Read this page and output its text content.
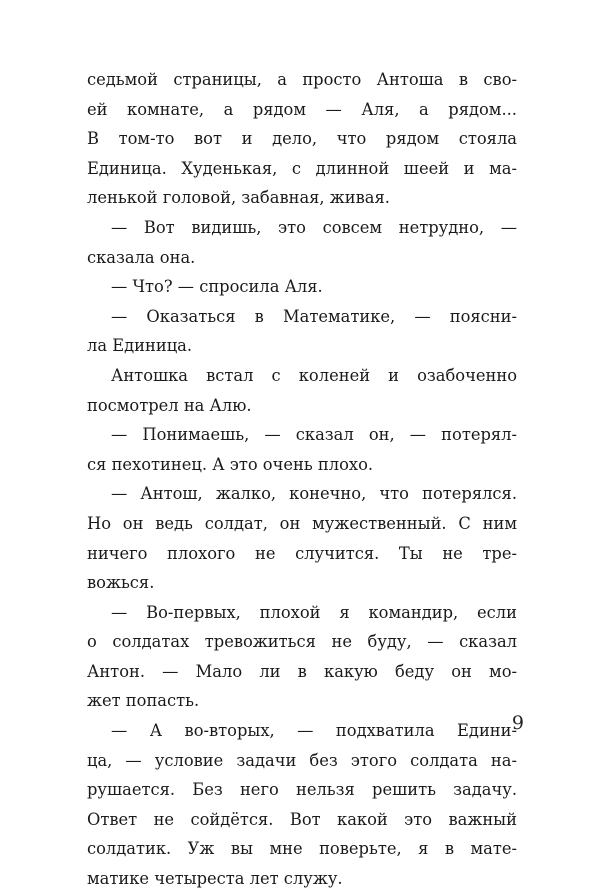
седьмой страницы, а просто Антоша в сво-
ей комнате, а рядом — Аля, а рядом...
В том-то вот и дело, что рядом стояла
Единица. Худенькая, с длинной шеей и ма-
ленькой головой, забавная, живая.
— Вот видишь, это совсем нетрудно, —
сказала она.
— Что? — спросила Аля.
— Оказаться в Математике, — поясни-
ла Единица.
Антошка встал с коленей и озабоченно
посмотрел на Алю.
— Понимаешь, — сказал он, — потерял-
ся пехотинец. А это очень плохо.
— Антош, жалко, конечно, что потерялся.
Но он ведь солдат, он мужественный. С ним
ничего плохого не случится. Ты не тре-
вожься.
— Во-первых, плохой я командир, если
о солдатах тревожиться не буду, — сказал
Антон. — Мало ли в какую беду он мо-
жет попасть.
— А во-вторых, — подхватила Едини-
ца, — условие задачи без этого солдата на-
рушается. Без него нельзя решить задачу.
Ответ не сойдётся. Вот какой это важный
солдатик. Уж вы мне поверьте, я в мате-
матике четыреста лет служу.
9
